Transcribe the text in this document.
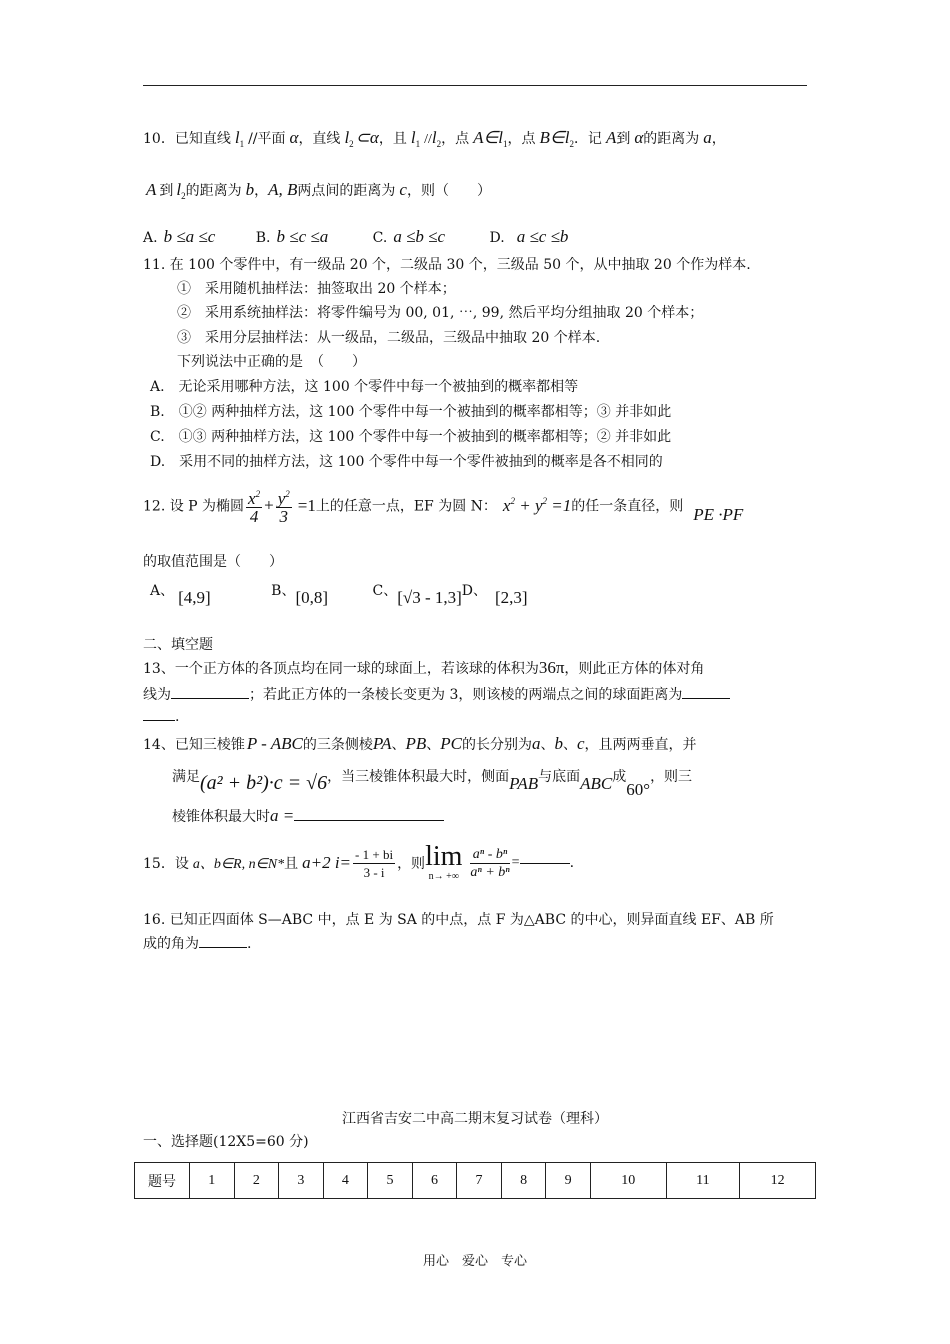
10．已知直线 $l_1$ //平面 α，直线 $l_2$ ⊂α，且 $l_1$ $//l_2$，点 $A\in l_1$，点 $B\in l_2$．记 A到 α的距离为 a，
A 到 $l_2$的距离为 b，A, B两点间的距离为 c，则（　　）
A. b ≤a ≤c	B. b ≤c ≤a	C. a ≤b ≤c	D. a ≤c ≤b
11. 在 100 个零件中，有一级品 20 个，二级品 30 个，三级品 50 个，从中抽取 20 个作为样本.
①　采用随机抽样法：抽签取出 20 个样本；
②　采用系统抽样法：将零件编号为 00, 01, ⋯, 99, 然后平均分组抽取 20 个样本；
③　采用分层抽样法：从一级品，二级品，三级品中抽取 20 个样本.
下列说法中正确的是　（　　）
A.　无论采用哪种方法，这 100 个零件中每一个被抽到的概率都相等
B.　①② 两种抽样方法，这 100 个零件中每一个被抽到的概率都相等；③ 并非如此
C.　①③ 两种抽样方法，这 100 个零件中每一个被抽到的概率都相等；② 并非如此
D.　采用不同的抽样方法，这 100 个零件中每一个零件被抽到的概率是各不相同的
12. 设 P 为椭圆 $\frac{x^2}{4} + \frac{y^2}{3} =1$上的任意一点，EF 为圆 N： $x^2 + y^2 =1$的任一条直径，则 PE ·PF
的取值范围是（　　）
A、 [4,9]	B、[0,8]	C、[√3 - 1,3]D、 [2,3]
二、填空题
13、一个正方体的各顶点均在同一球的球面上，若该球的体积为36π，则此正方体的体对角
线为	；若此正方体的一条棱长变更为 3，则该棱的两端点之间的球面距离为
.
14、已知三棱锥 P - ABC的三条侧棱PA、PB、PC的长分别为a、b、c，且两两垂直，并
满足(a² + b²)·c = √6，当三棱锥体积最大时，侧面PAB与底面ABC成60°，则三
棱锥体积最大时a =
15．设 a、b∈R, n∈N*且 a+2 $i= \frac{- 1 + bi}{3 - i}$ ，则 lim
n→ +∞ $\frac{\text{aⁿ - bⁿ}}{\text{aⁿ + bⁿ}}$ =	.
16. 已知正四面体 S—ABC 中，点 E 为 SA 的中点，点 F 为△ABC 的中心，则异面直线 EF、AB 所
成的角为	.
江西省吉安二中高二期末复习试卷（理科）
一、选择题(12X5=60 分)
题号	1	2	3	4	5	6	7	8	9	10	11	12
用心　爱心　专心
